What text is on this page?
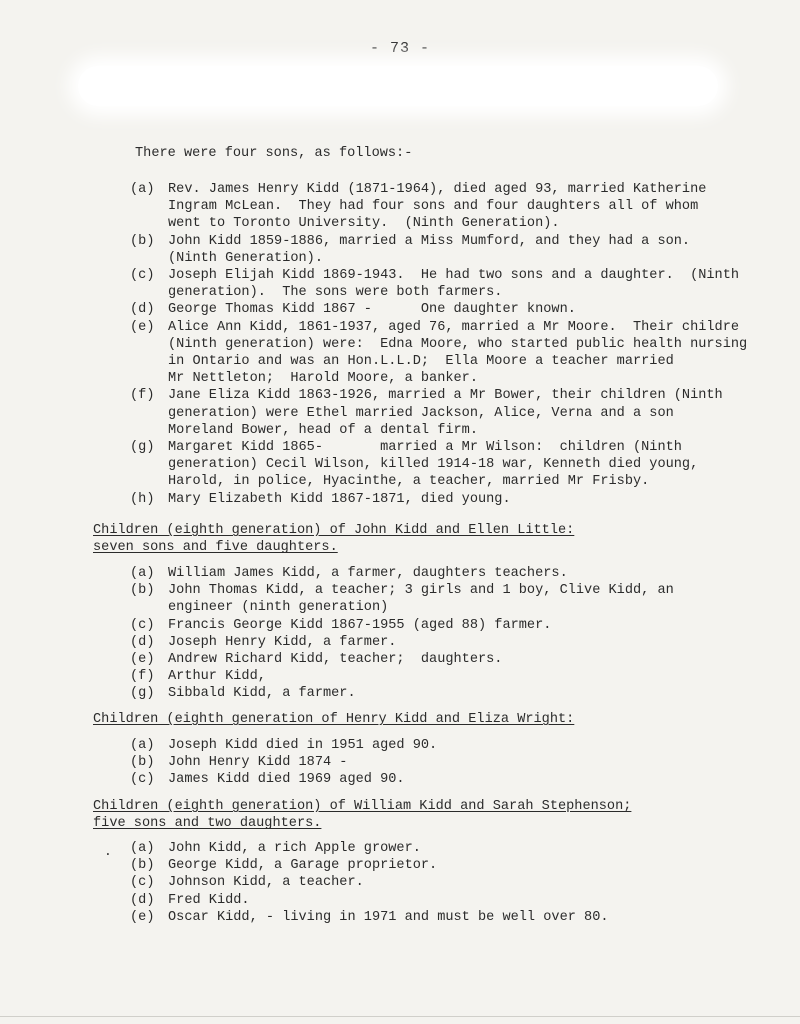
- 73 -
There were four sons, as follows:-
(a) Rev. James Henry Kidd (1871-1964), died aged 93, married Katherine
Ingram McLean.  They had four sons and four daughters all of whom
went to Toronto University.  (Ninth Generation).
(b) John Kidd 1859-1886, married a Miss Mumford, and they had a son.
(Ninth Generation).
(c) Joseph Elijah Kidd 1869-1943.  He had two sons and a daughter.  (Ninth
generation).  The sons were both farmers.
(d) George Thomas Kidd 1867 -      One daughter known.
(e) Alice Ann Kidd, 1861-1937, aged 76, married a Mr Moore.  Their childre
(Ninth generation) were:  Edna Moore, who started public health nursing
in Ontario and was an Hon.L.L.D;  Ella Moore a teacher married
Mr Nettleton;  Harold Moore, a banker.
(f) Jane Eliza Kidd 1863-1926, married a Mr Bower, their children (Ninth
generation) were Ethel married Jackson, Alice, Verna and a son
Moreland Bower, head of a dental firm.
(g) Margaret Kidd 1865-       married a Mr Wilson:  children (Ninth
generation) Cecil Wilson, killed 1914-18 war, Kenneth died young,
Harold, in police, Hyacinthe, a teacher, married Mr Frisby.
(h) Mary Elizabeth Kidd 1867-1871, died young.
Children (eighth generation) of John Kidd and Ellen Little:
seven sons and five daughters.
(a) William James Kidd, a farmer, daughters teachers.
(b) John Thomas Kidd, a teacher; 3 girls and 1 boy, Clive Kidd, an
engineer (ninth generation)
(c) Francis George Kidd 1867-1955 (aged 88) farmer.
(d) Joseph Henry Kidd, a farmer.
(e) Andrew Richard Kidd, teacher;  daughters.
(f) Arthur Kidd,
(g) Sibbald Kidd, a farmer.
Children (eighth generation of Henry Kidd and Eliza Wright:
(a) Joseph Kidd died in 1951 aged 90.
(b) John Henry Kidd 1874 -
(c) James Kidd died 1969 aged 90.
Children (eighth generation) of William Kidd and Sarah Stephenson;
five sons and two daughters.
. (a) John Kidd, a rich Apple grower.
(b) George Kidd, a Garage proprietor.
(c) Johnson Kidd, a teacher.
(d) Fred Kidd.
(e) Oscar Kidd, - living in 1971 and must be well over 80.
